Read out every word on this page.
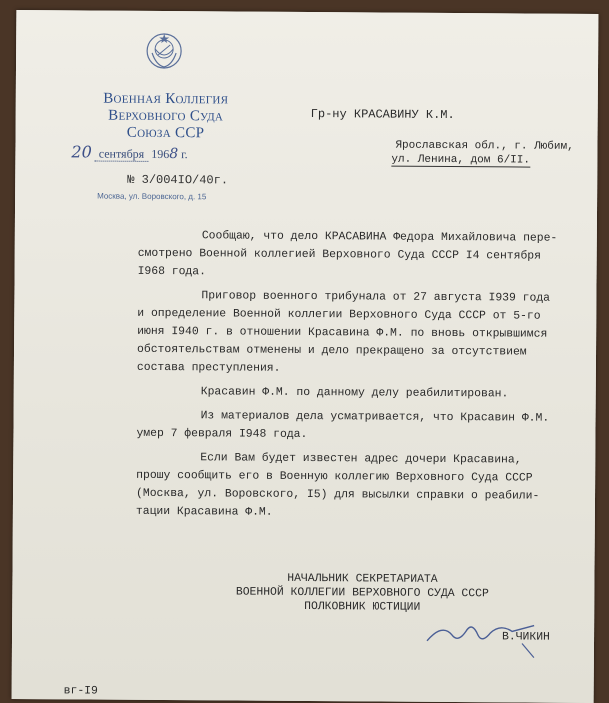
Военная Коллегия
Верховного Суда
Союза ССР
20 сентября 1968 г.
№ 3/004IO/40г.
Москва, ул. Воровского, д. 15
Гр-ну КРАСАВИНУ К.М.
Ярославская обл., г. Любим,
ул. Ленина, дом 6/II.

Сообщаю, что дело КРАСАВИНА Федора Михайловича пере-
смотрено Военной коллегией Верховного Суда СССР I4 сентября
I968 года.

Приговор военного трибунала от 27 августа I939 года
и определение Военной коллегии Верховного Суда СССР от 5-го
июня I940 г. в отношении Красавина Ф.М. по вновь открывшимся
обстоятельствам отменены и дело прекращено за отсутствием
состава преступления.

Красавин Ф.М. по данному делу реабилитирован.

Из материалов дела усматривается, что Красавин Ф.М.
умер 7 февраля I948 года.

Если Вам будет известен адрес дочери Красавина,
прошу сообщить его в Военную коллегию Верховного Суда СССР
(Москва, ул. Воровского, I5) для высылки справки о реабили-
тации Красавина Ф.М.

НАЧАЛЬНИК СЕКРЕТАРИАТА
ВОЕННОЙ КОЛЛЕГИИ ВЕРХОВНОГО СУДА СССР
ПОЛКОВНИК ЮСТИЦИИ
В.ЧИКИН
вг-I9
